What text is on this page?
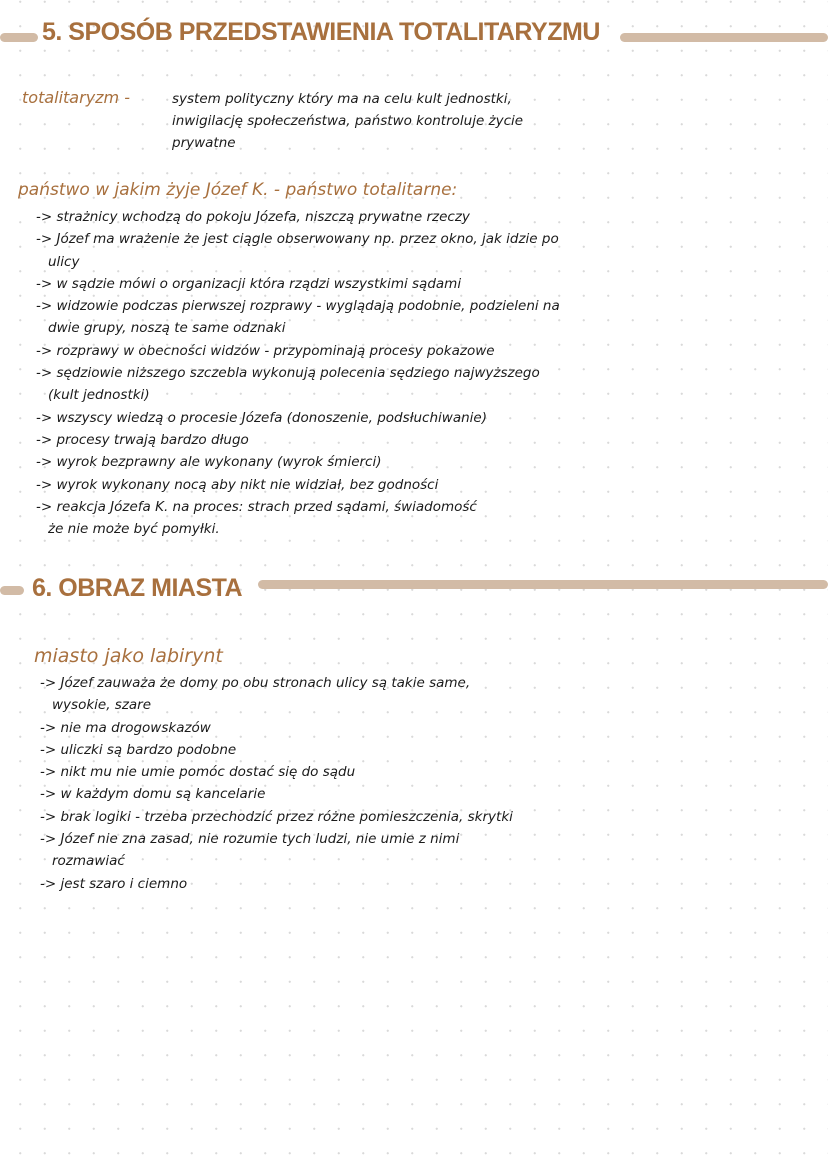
5. SPOSÓB PRZEDSTAWIENIA TOTALITARYZMU
totalitaryzm -	system polityczny który ma na celu kult jednostki,
inwigilację społeczeństwa, państwo kontroluje życie
prywatne
państwo w jakim żyje Józef K. - państwo totalitarne:
-> strażnicy wchodzą do pokoju Józefa, niszczą prywatne rzeczy
-> Józef ma wrażenie że jest ciągle obserwowany np. przez okno, jak idzie po
ulicy
-> w sądzie mówi o organizacji która rządzi wszystkimi sądami
-> widzowie podczas pierwszej rozprawy - wyglądają podobnie, podzieleni na
dwie grupy, noszą te same odznaki
-> rozprawy w obecności widzów - przypominają procesy pokazowe
-> sędziowie niższego szczebla wykonują polecenia sędziego najwyższego
(kult jednostki)
-> wszyscy wiedzą o procesie Józefa (donoszenie, podsłuchiwanie)
-> procesy trwają bardzo długo
-> wyrok bezprawny ale wykonany (wyrok śmierci)
-> wyrok wykonany nocą aby nikt nie widział, bez godności
-> reakcja Józefa K. na proces: strach przed sądami, świadomość
że nie może być pomyłki.
6. OBRAZ MIASTA
miasto jako labirynt
-> Józef zauważa że domy po obu stronach ulicy są takie same,
wysokie, szare
-> nie ma drogowskazów
-> uliczki są bardzo podobne
-> nikt mu nie umie pomóc dostać się do sądu
-> w każdym domu są kancelarie
-> brak logiki - trzeba przechodzić przez różne pomieszczenia, skrytki
-> Józef nie zna zasad, nie rozumie tych ludzi, nie umie z nimi
rozmawiać
-> jest szaro i ciemno
